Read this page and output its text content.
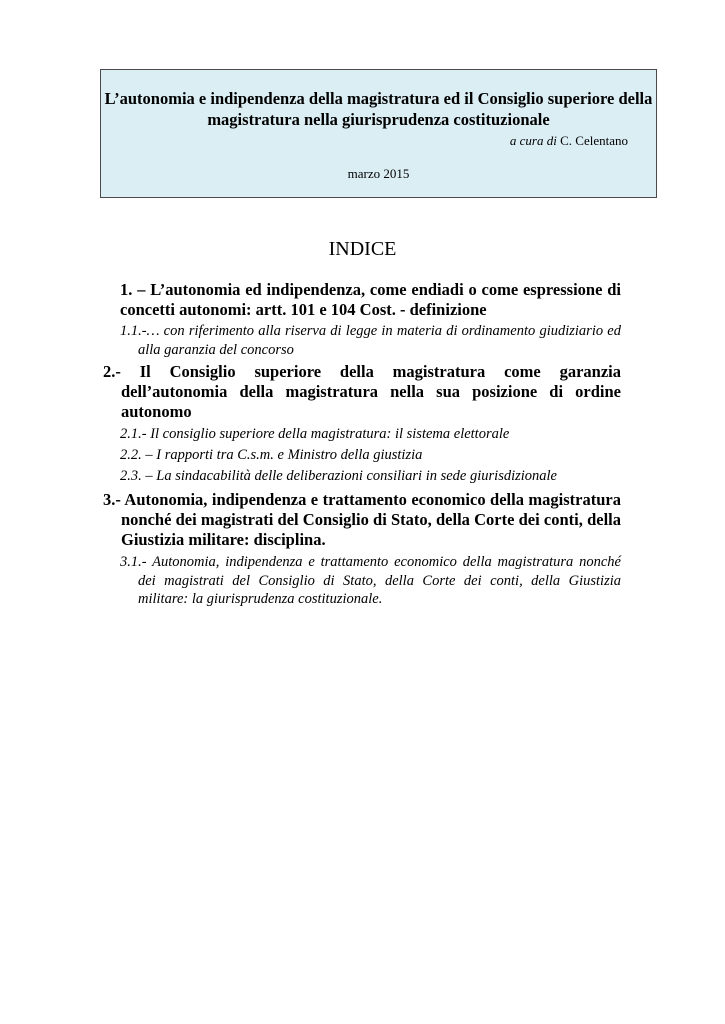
L’autonomia e indipendenza della magistratura ed il Consiglio superiore della magistratura nella giurisprudenza costituzionale
a cura di C. Celentano
marzo 2015
INDICE
1. – L’autonomia ed indipendenza, come endiadi o come espressione di concetti autonomi: artt. 101 e 104 Cost. - definizione
1.1.-… con riferimento alla riserva di legge in materia di ordinamento giudiziario ed alla garanzia del concorso
2.- Il Consiglio superiore della magistratura come garanzia dell’autonomia della magistratura nella sua posizione di ordine autonomo
2.1.- Il consiglio superiore della magistratura: il sistema elettorale
2.2. – I rapporti tra C.s.m. e Ministro della giustizia
2.3. – La sindacabilità delle deliberazioni consiliari in sede giurisdizionale
3.- Autonomia, indipendenza e trattamento economico della magistratura nonché dei magistrati del Consiglio di Stato, della Corte dei conti, della Giustizia militare: disciplina.
3.1.- Autonomia, indipendenza e trattamento economico della magistratura nonché dei magistrati del Consiglio di Stato, della Corte dei conti, della Giustizia militare: la giurisprudenza costituzionale.
